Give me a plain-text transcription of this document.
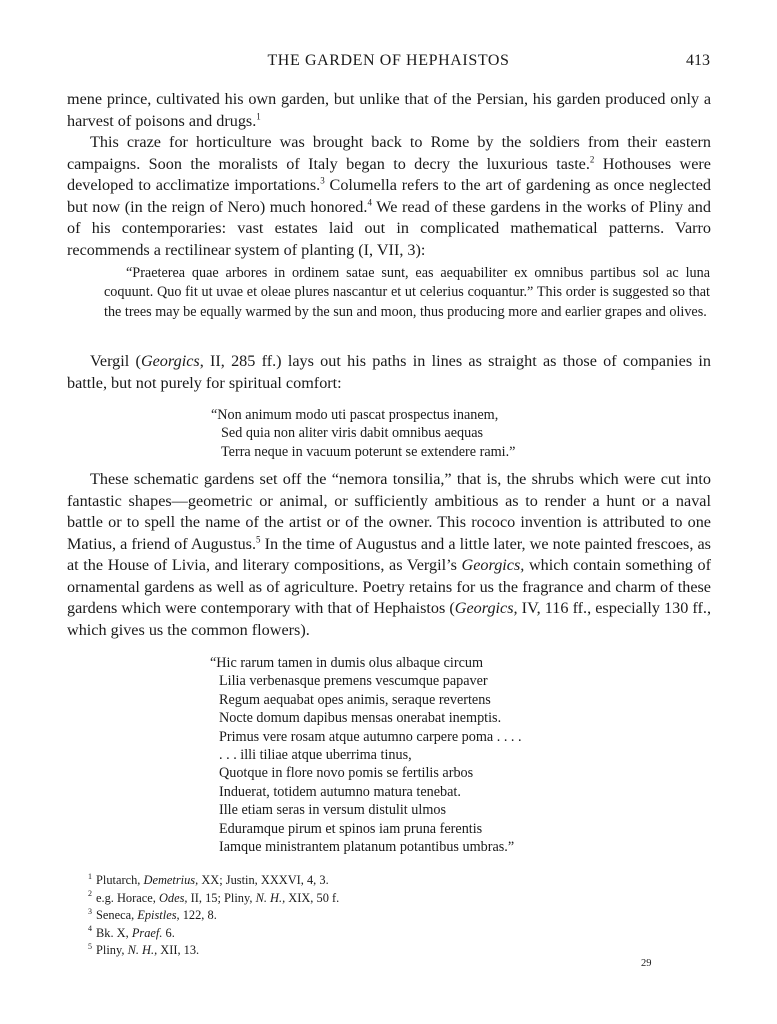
THE GARDEN OF HEPHAISTOS	413

mene prince, cultivated his own garden, but unlike that of the Persian, his garden produced only a harvest of poisons and drugs.$^1$

This craze for horticulture was brought back to Rome by the soldiers from their eastern campaigns. Soon the moralists of Italy began to decry the luxurious taste.$^2$ Hothouses were developed to acclimatize importations.$^3$ Columella refers to the art of gardening as once neglected but now (in the reign of Nero) much honored.$^4$ We read of these gardens in the works of Pliny and of his contemporaries: vast estates laid out in complicated mathematical patterns. Varro recommends a rectilinear system of planting (I, VII, 3):

“Praeterea quae arbores in ordinem satae sunt, eas aequabiliter ex omnibus partibus sol ac luna coquunt. Quo fit ut uvae et oleae plures nascantur et ut celerius coquantur.” This order is suggested so that the trees may be equally warmed by the sun and moon, thus producing more and earlier grapes and olives.

Vergil (Georgics, II, 285 ff.) lays out his paths in lines as straight as those of companies in battle, but not purely for spiritual comfort:

“Non animum modo uti pascat prospectus inanem,
Sed quia non aliter viris dabit omnibus aequas
Terra neque in vacuum poterunt se extendere rami.”

These schematic gardens set off the “nemora tonsilia,” that is, the shrubs which were cut into fantastic shapes—geometric or animal, or sufficiently ambitious as to render a hunt or a naval battle or to spell the name of the artist or of the owner. This rococo invention is attributed to one Matius, a friend of Augustus.$^5$ In the time of Augustus and a little later, we note painted frescoes, as at the House of Livia, and literary compositions, as Vergil’s Georgics, which contain something of ornamental gardens as well as of agriculture. Poetry retains for us the fragrance and charm of these gardens which were contemporary with that of Hephaistos (Georgics, IV, 116 ff., especially 130 ff., which gives us the common flowers).

“Hic rarum tamen in dumis olus albaque circum
Lilia verbenasque premens vescumque papaver
Regum aequabat opes animis, seraque revertens
Nocte domum dapibus mensas onerabat inemptis.
Primus vere rosam atque autumno carpere poma . . . .
. . . illi tiliae atque uberrima tinus,
Quotque in flore novo pomis se fertilis arbos
Induerat, totidem autumno matura tenebat.
Ille etiam seras in versum distulit ulmos
Eduramque pirum et spinos iam pruna ferentis
Iamque ministrantem platanum potantibus umbras.”
$^1$ Plutarch, Demetrius, XX; Justin, XXXVI, 4, 3.
$^2$ e.g. Horace, Odes, II, 15; Pliny, N. H., XIX, 50 f.
$^3$ Seneca, Epistles, 122, 8.
$^4$ Bk. X, Praef. 6.
$^5$ Pliny, N. H., XII, 13.
29
